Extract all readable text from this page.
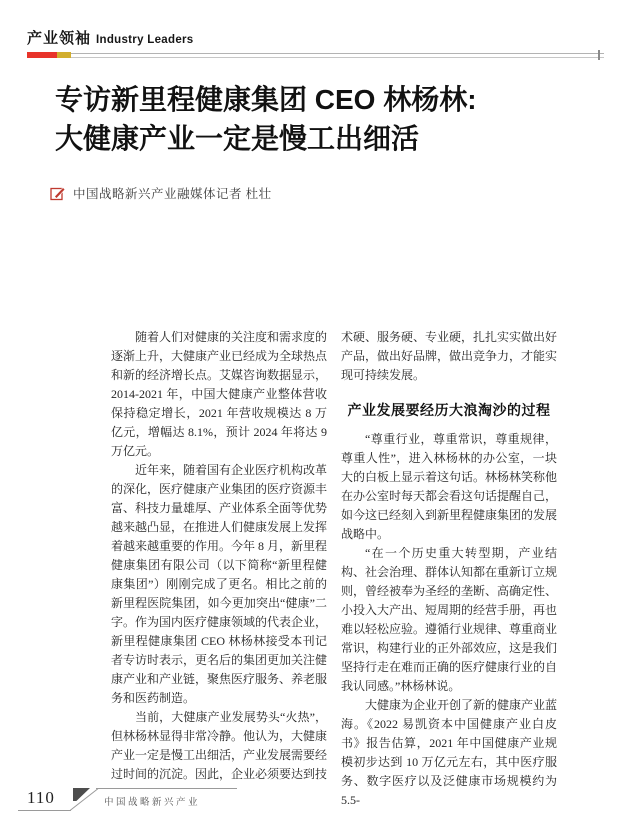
产业领袖 Industry Leaders
专访新里程健康集团 CEO 林杨林:
大健康产业一定是慢工出细活
中国战略新兴产业融媒体记者 杜壮

随着人们对健康的关注度和需求度的逐渐上升，大健康产业已经成为全球热点和新的经济增长点。艾媒咨询数据显示，2014-2021 年，中国大健康产业整体营收保持稳定增长，2021 年营收规模达 8 万亿元，增幅达 8.1%，预计 2024 年将达 9 万亿元。

近年来，随着国有企业医疗机构改革的深化，医疗健康产业集团的医疗资源丰富、科技力量雄厚、产业体系全面等优势越来越凸显，在推进人们健康发展上发挥着越来越重要的作用。今年 8 月，新里程健康集团有限公司（以下简称“新里程健康集团”）刚刚完成了更名。相比之前的新里程医院集团，如今更加突出“健康”二字。作为国内医疗健康领域的代表企业，新里程健康集团 CEO 林杨林接受本刊记者专访时表示，更名后的集团更加关注健康产业和产业链，聚焦医疗服务、养老服务和医药制造。

当前，大健康产业发展势头“火热”，但林杨林显得非常冷静。他认为，大健康产业一定是慢工出细活，产业发展需要经过时间的沉淀。因此，企业必须要达到技

术硬、服务硬、专业硬，扎扎实实做出好产品，做出好品牌，做出竞争力，才能实现可持续发展。

产业发展要经历大浪淘沙的过程

“尊重行业，尊重常识，尊重规律，尊重人性”，进入林杨林的办公室，一块大的白板上显示着这句话。林杨林笑称他在办公室时每天都会看这句话提醒自己，如今这已经刻入到新里程健康集团的发展战略中。

“在一个历史重大转型期，产业结构、社会治理、群体认知都在重新订立规则，曾经被奉为圣经的垄断、高确定性、小投入大产出、短周期的经营手册，再也难以轻松应验。遵循行业规律、尊重商业常识，构建行业的正外部效应，这是我们坚持行走在难而正确的医疗健康行业的自我认同感。”林杨林说。

大健康为企业开创了新的健康产业蓝海。《2022 易凯资本中国健康产业白皮书》报告估算，2021 年中国健康产业规模初步达到 10 万亿元左右，其中医疗服务、数字医疗以及泛健康市场规模约为 5.5-

110	中国战略新兴产业
